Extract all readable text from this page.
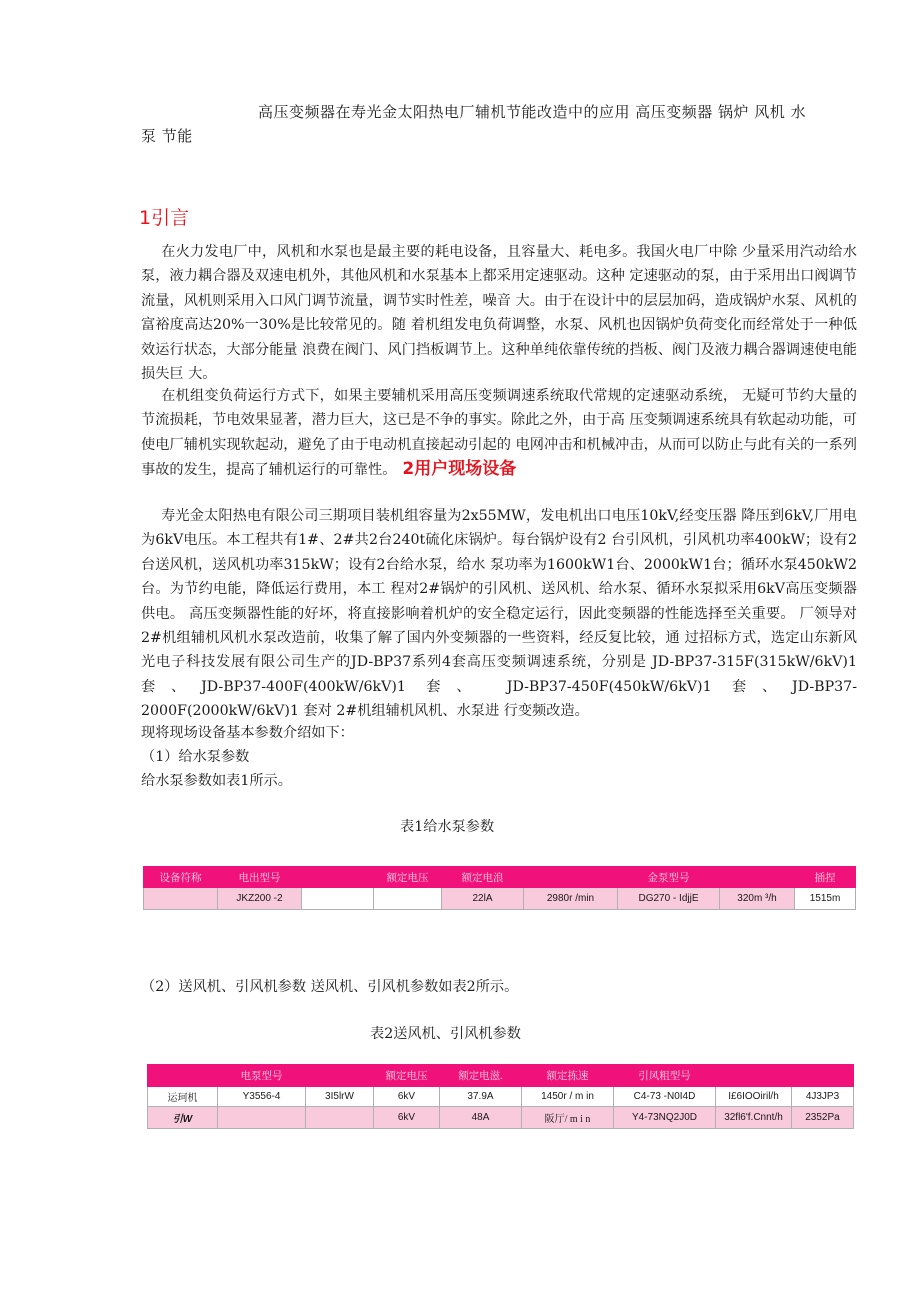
高压变频器在寿光金太阳热电厂辅机节能改造中的应用 高压变频器 锅炉 风机 水
泵 节能
1引言
在火力发电厂中，风机和水泵也是最主要的耗电设备，且容量大、耗电多。我国火电厂中除 少量采用汽动给水泵，液力耦合器及双速电机外，其他风机和水泵基本上都采用定速驱动。这种 定速驱动的泵，由于采用出口阀调节流量，风机则采用入口风门调节流量，调节实时性差，噪音 大。由于在设计中的层层加码，造成锅炉水泵、风机的富裕度高达20%一30%是比较常见的。随 着机组发电负荷调整，水泵、风机也因锅炉负荷变化而经常处于一种低效运行状态，大部分能量 浪费在阀门、风门挡板调节上。这种单纯依靠传统的挡板、阀门及液力耦合器调速使电能损失巨 大。
在机组变负荷运行方式下，如果主要辅机采用高压变频调速系统取代常规的定速驱动系统， 无疑可节约大量的节流损耗，节电效果显著，潜力巨大，这已是不争的事实。除此之外，由于高 压变频调速系统具有软起动功能，可使电厂辅机实现软起动，避免了由于电动机直接起动引起的 电网冲击和机械冲击，从而可以防止与此有关的一系列事故的发生，提高了辅机运行的可靠性。 2用户现场设备
寿光金太阳热电有限公司三期项目装机组容量为2x55MW，发电机出口电压10kV,经变压器 降压到6kV,厂用电为6kV电压。本工程共有1#、2#共2台240t硫化床锅炉。每台锅炉设有2 台引风机，引风机功率400kW；设有2台送风机，送风机功率315kW；设有2台给水泵，给水 泵功率为1600kW1台、2000kW1台；循环水泵450kW2台。为节约电能，降低运行费用，本工 程对2#锅炉的引风机、送风机、给水泵、循环水泵拟采用6kV高压变频器供电。 高压变频器性能的好坏，将直接影响着机炉的安全稳定运行，因此变频器的性能选择至关重要。 厂领导对2#机组辅机风机水泵改造前，收集了解了国内外变频器的一些资料，经反复比较，通 过招标方式，选定山东新风光电子科技发展有限公司生产的JD-BP37系列4套高压变频调速系统，分别是 JD-BP37-315F(315kW/6kV)1 套、JD-BP37-400F(400kW/6kV)1 套、 JD-BP37-450F(450kW/6kV)1 套、JD-BP37-2000F(2000kW/6kV)1 套对 2#机组辅机风机、水泵进 行变频改造。
现将现场设备基本参数介绍如下：
（1）给水泵参数
给水泵参数如表1所示。
表1给水泵参数
设备符称	电出型号		额定电压	额定电浪		金泵型号		插捏
	JKZ200 -2			22lA	2980r /min	DG270 - IdjjE	320m ³/h	1515m
（2）送风机、引风机参数 送风机、引风机参数如表2所示。
表2送风机、引风机参数
	电泵型号		额定电压	额定电滋.	额定拣速	引风粗型号		
运珂机	Y3556-4	3I5lrW	6kV	37.9A	1450r / m in	C4-73 -N0I4D	I£6IOOiril/h	4J3JP3
引W			6kV	48A	阪厅/ m i n	Y4-73NQ2J0D	32fl6'f.Cnnt/h	2352Pa
